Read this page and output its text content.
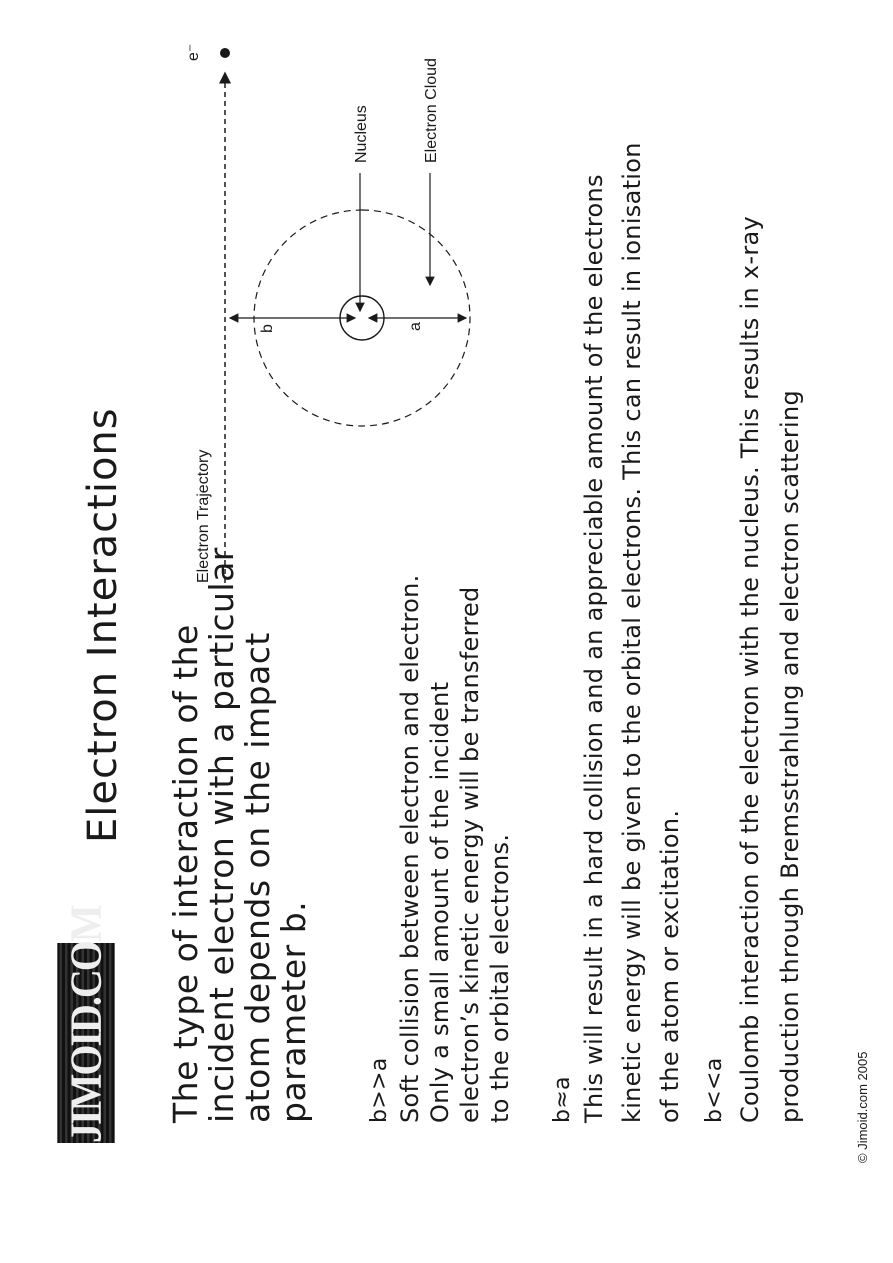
JIMOID.COM
Electron Interactions The type of interaction of the incident electron with a particular atom depends on the impact parameter b. b>>a Soft collision between electron and electron. Only a small amount of the incident electron’s kinetic energy will be transferred to the orbital electrons. b≈a This will result in a hard collision and an appreciable amount of the electrons kinetic energy will be given to the orbital electrons. This can result in ionisation of the atom or excitation. b<<a Coulomb interaction of the electron with the nucleus. This results in x-ray production through Bremsstrahlung and electron scattering	© Jimoid.com 2005
Electron Trajectory
e⁻
b	a
Nucleus	Electron Cloud
